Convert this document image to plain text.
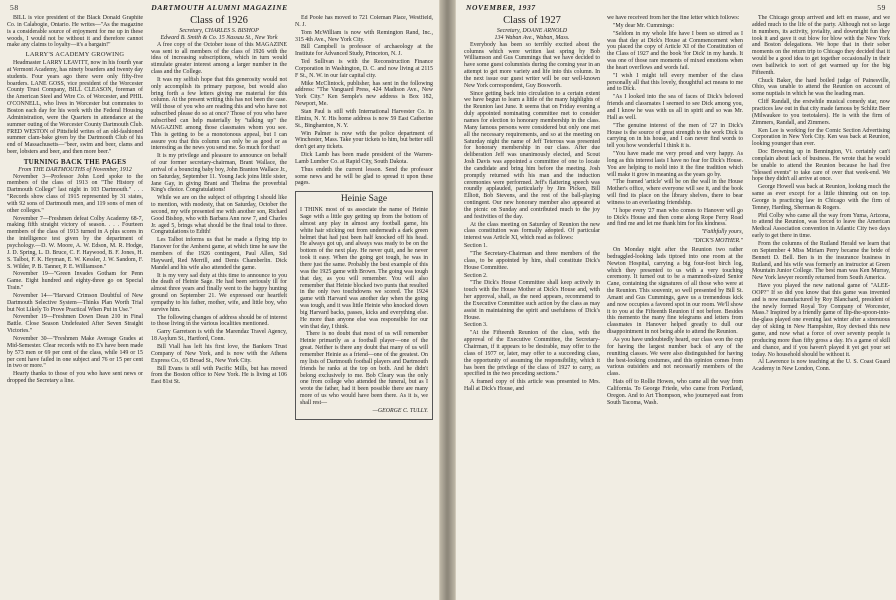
58	DARTMOUTH ALUMNI MAGAZINE

BILL is vice president of the Black Donald Graphite Co. in Calabogie, Ontario. He writes—"As the magazine is a considerable source of enjoyment for me up in these woods, I would not be without it and therefore cannot make any claims to loyalty—it's a bargain!"

LARRY'S ACADEMY GROWING

Headmaster LARRY LEAVITT, now in his fourth year at Vermont Academy, has ninety boarders and twenty day students. Four years ago there were only fifty-five boarders. LANE GOSS, vice president of the Worcester County Trust Company, BILL CLEASON, foreman of the American Steel and Wire Co. of Worcester, and PHIL O'CONNELL, who lives in Worcester but commutes to Boston each day for his work with the Federal Housing Administration, were the Quarters in attendance at the summer outing of the Worcester County Dartmouth Club. FRED WESTON of Pittsfield writes of an old-fashioned summer clam-bake given by the Dartmouth Club of his end of Massachusetts—"beer, swim and beer, clams and beer, lobsters and beer, and then more beer."

TURNING BACK THE PAGES
From THE DARTMOUTHS of November, 1912

November 3—Professor John Lord spoke to the members of the class of 1913 on "The History of Dartmouth College" last night in 103 Dartmouth." . . . "Records show class of 1915 represented by 31 states, with 92 sons of Dartmouth men, and 119 sons of men of other colleges."

November 7—Freshmen defeat Colby Academy 68-7, making fifth straight victory of season. . . . Fourteen members of the class of 1913 turned in A plus scores in the intelligence test given by the department of psychology.—D. W. Moore, A. W. Edson, M. R. Hodge, J. D. Spring, L. D. Bruce, C. F. Haywood, B. F. Jones, H. S. Talbot, F. K. Heyman, E. W. Kessler, J. W. Sandom, F. S. Wilder, P. B. Tanner, P. E. Williamson."

November 19—"Green Invades Gotham for Penn Game. Eight hundred and eighty-three go on Special Train."

November 14—"Harvard Crimson Doubtful of New Dartmouth Selective System—Thinks Plan Worth Trial but Not Likely To Prove Practical When Put in Use."

November 19—Freshmen Down Dean 210 in Final Battle. Close Season Undefeated After Seven Straight Victories."

November 30—"Freshmen Make Average Grades at Mid-Semester. Clear records with no E's have been made by 573 men or 69 per cent of the class, while 149 or 15 per cent have failed in one subject and 76 or 15 per cent in two or more."

Hearty thanks to those of you who have sent news or dropped the Secretary a line.

Class of 1926
Secretary, CHARLES S. BISHOP
Edward B. Smith & Co. 15 Nassau St., New York

A free copy of the October issue of this MAGAZINE was sent to all members of the class of 1926 with the idea of increasing subscriptions, which in turn would stimulate greater interest among a larger number in the class and the College.

It was my selfish hope that this generosity would not only accomplish its primary purpose, but would also bring forth a few letters giving me material for this column. At the present writing this has not been the case. Will those of you who are reading this and who have not subscribed please do so at once? Those of you who have subscribed can help materially by "talking up" the MAGAZINE among those classmates whom you see. This is getting to be a monotonous appeal, but I can assure you that this column can only be as good or as interesting as the news you send me. So much for that!

It is my privilege and pleasure to announce on behalf of our former secretary-chairman, Brant Wallace, the arrival of a bouncing baby boy, John Branton Wallace Jr., on Saturday, September 11. Young Jack joins little sister, Jane Gay, in giving Brant and Thelma the proverbial King's choice. Congratulations!

While we are on the subject of offspring I should like to mention, with modesty, that on Saturday, October the second, my wife presented me with another son, Richard Good Bishop, who with Barbara Ann now 7, and Charles Jr. aged 5, brings what should be the final total to three. Congratulations to Edith!

Les Talbot informs us that he made a flying trip to Hanover for the Amherst game, at which time he saw the members of the 1926 contingent, Paul Allen, Sid Hayward, Red Merrill, and Denis Chamberlin. Dick Mandel and his wife also attended the game.

It is my very sad duty at this time to announce to you the death of Heinie Sage. He had been seriously ill for almost three years and finally went to the happy hunting ground on September 21. We expressed our heartfelt sympathy to his father, mother, wife, and little boy, who survive him.

The following changes of address should be of interest to those living in the various localities mentioned.

Garry Garretson is with the Marendaz Travel Agency, 18 Asylum St., Hartford, Conn.

Bill Viall has left his first love, the Bankers Trust Company of New York, and is now with the Athens Express Co., 65 Broad St., New York City.

Bill Evans is still with Pacific Mills, but has moved from the Boston office to New York. He is living at 106 East 81st St.

Ed Poole has moved to 721 Coleman Place, Westfield, N. J.

Tom McWilliam is now with Remington Rand, Inc., 315 4th Ave., New York City.

Bill Campbell is professor of archaeology at the Institute for Advanced Study, Princeton, N. J.

Ted Sullivan is with the Reconstruction Finance Corporation in Washington, D. C. and now living at 2115 F St., N. W. in our fair capital city.

Mike McClintock, publisher, has sent in the following address: "The Vanguard Press, 424 Madison Ave., New York City." Ken Semple's new address is Box 182, Newport, Me.

Stan Paul is still with International Harvester Co. in Elmira, N. Y. His home address is now 59 East Catherine St., Binghamton, N. Y.

Win Palmer is now with the police department of Winchester, Mass. Take your tickets to him, but better still don't get any tickets.

Dick Lamb has been made president of the Warren-Lamb Lumber Co. at Rapid City, South Dakota.

Thus endeth the current lesson. Send the professor some news and he will be glad to spread it upon these pages.

Heinie Sage

I THINK most of us associate the name of Heinie Sage with a little guy getting up from the bottom of almost any play in almost any football game, his white hair sticking out from underneath a dark green helmet that had just been half knocked off his head. He always got up, and always was ready to be on the bottom of the next play. He never quit, and he never took it easy. When the going got tough, he was in there just the same. Probably the best example of this was the 1925 game with Brown. The going was tough that day, as you will remember. You will also remember that Heinie blocked two punts that resulted in the only two touchdowns we scored. The 1924 game with Harvard was another day when the going was tough, and it was little Heinie who knocked down big Harvard backs, passes, kicks and everything else. He more than anyone else was responsible for our win that day, I think.

There is no doubt that most of us will remember Heinie primarily as a football player—one of the great. Neither is there any doubt that many of us will remember Heinie as a friend—one of the greatest. On my lists of Dartmouth football players and Dartmouth friends he ranks at the top on both. And he didn't belong exclusively to me. Bob Cleary was the only one from college who attended the funeral, but as I wrote the father, had it been possible there are many more of us who would have been there. As it is, we shall rest—

—GEORGE C. TULLY.
NOVEMBER, 1937	59
Class of 1927
Secretary, DOANE ARNOLD
134 Waban Ave., Waban, Mass.

Everybody has been so terribly excited about the columns which were written last spring by Bob Williamson and Gus Cummings that we have decided to have some guest columnists during the coming year in an attempt to get more variety and life into this column. In the next issue our guest writer will be our well-known New York correspondent, Guy Bosworth.

Since getting back into circulation to a certain extent we have begun to learn a little of the many highlights of the Reunion last June. It seems that on Friday evening a duly appointed nominating committee met to consider names for election to honorary membership in the class. Many famous persons were considered but only one met all the necessary requirements, and so at the meeting on Saturday night the name of Jeff Teterous was presented for honorary membership in our class. After due deliberation Jeff was unanimously elected, and Scout Josh Davis was appointed a committee of one to locate the candidate and bring him before the meeting. Josh promptly returned with his man and the induction ceremonies were performed. Jeff's flattering speech was roundly applauded, particularly by Jim Picken, Bill Elliott, Bob Stevens, and the rest of the ball-playing contingent. Our new honorary member also appeared at the picnic on Sunday and contributed much to the joy and festivities of the day.

At the class meeting on Saturday of Reunion the new class constitution was formally adopted. Of particular interest was Article XI, which read as follows:

Section 1.

"The Secretary-Chairman and three members of the class, to be appointed by him, shall constitute Dick's House Committee.

Section 2.

"The Dick's House Committee shall keep actively in touch with the House Mother at Dick's House and, with her approval, shall, as the need appears, recommend to the Executive Committee such action by the class as may assist in maintaining the spirit and usefulness of Dick's House.

Section 3.

"At the Fifteenth Reunion of the class, with the approval of the Executive Committee, the Secretary-Chairman, if it appears to be desirable, may offer to the class of 1977 or, later, may offer to a succeeding class, the opportunity of assuming the responsibility, which it has been the privilege of the class of 1927 to carry, as specified in the two preceding sections."

A framed copy of this article was presented to Mrs. Hall at Dick's House, and

we have received from her the fine letter which follows:

"My dear Mr. Cummings:

"Seldom in my whole life have I been so stirred as I was that day at Dick's House at Commencement when you placed the copy of Article XI of the Constitution of the Class of 1927 and the book 'for Dick' in my hands. It was one of those rare moments of mixed emotions when the heart overflows and words fail.

"I wish I might tell every member of the class personally all that this lovely, thoughtful act means to me and to Dick.

"As I looked into the sea of faces of Dick's beloved friends and classmates I seemed to see Dick among you, and I know he was with us all in spirit and so was Mr. Hall as well.

"The genuine interest of the men of '27 in Dick's House is the source of great strength to the work Dick is carrying on in his house, and I can never find words to tell you how wonderful I think it is.

"You have made me very proud and very happy. As long as this interest lasts I have no fear for Dick's House. You are helping to mold into it the fine tradition which will make it grow in meaning as the years go by.

"The framed 'article' will be on the wall in the House Mother's office, where everyone will see it, and the book will find its place on the library shelves, there to bear witness to an everlasting friendship.

"I hope every '27 man who comes to Hanover will go to Dick's House and then come along Rope Ferry Road and find me and let me thank him for his kindness.

"Faithfully yours,
"DICK'S MOTHER."

On Monday night after the Reunion two rather bedraggled-looking lads tiptoed into one room at the Newton Hospital, carrying a big four-foot birch log, which they presented to us with a very touching ceremony. It turned out to be a mammoth-sized Senior Cane, containing the signatures of all those who were at the Reunion. This souvenir, so well presented by Bill St. Amant and Gus Cummings, gave us a tremendous kick and now occupies a favored spot in our room. We'll show it to you at the Fifteenth Reunion if not before. Besides this memento the many fine telegrams and letters from classmates in Hanover helped greatly to dull our disappointment in not being able to attend the Reunion.

As you have undoubtedly heard, our class won the cup for having the largest number back of any of the reuniting classes. We were also distinguished for having the best-looking costumes, and this opinion comes from various outsiders and not necessarily members of the class.

Hats off to Rollie Howes, who came all the way from California. To George Friede, who came from Portland, Oregon. And to Art Thompson, who journeyed east from South Tacoma, Wash.

The Chicago group arrived and left en masse, and we added much to the life of the party. Although not so large in numbers, its activity, joviality, and downright fun they took it and gave it out blow for blow with the New York and Boston delegations. We hope that in their sober moments on the return trip to Chicago they decided that it would be a good idea to get together occasionally in their own bailiwick to sort of get warmed up for the big Fifteenth.

Chuck Baker, the hard boiled judge of Painesville, Ohio, was unable to attend the Reunion on account of some nuptials in which he was the leading man.

Cliff Randall, the erstwhile musical comedy star, now practices law out in that city made famous by Schlitz Beer (Milwaukee to you teetotalers). He is with the firm of Zimmers, Randall, and Zimmers.

Ken Lee is working for the Comic Section Advertising Corporation in New York City. Ken was back at Reunion, looking younger than ever.

Doc Browning up in Bennington, Vt. certainly can't complain about lack of business. He wrote that he would be unable to attend the Reunion because he had five "blessed events" to take care of over that week-end. We hope they didn't all arrive at once.

George Howell was back at Reunion, looking much the same as ever except for a little thinning out on top. George is practicing law in Chicago with the firm of Tenney, Harding, Sherman & Rogers.

Phil Colby who came all the way from Yuma, Arizona, to attend the Reunion, was forced to leave the American Medical Association convention in Atlantic City two days early to get there in time.

From the columns of the Rutland Herald we learn that on September 4 Miss Miriam Perry became the bride of Bennett D. Bell. Ben is in the insurance business in Rutland, and his wife was formerly an instructor at Green Mountain Junior College. The best man was Ken Murray, New York lawyer recently returned from South America.

Have you played the new national game of "ALEE-OOP?" If so did you know that this game was invented and is now manufactured by Roy Blanchard, president of the newly formed Royal Toy Company of Worcester, Mass.? Inspired by a friendly game of flip-the-spoon-into-the-glass played one evening last winter after a strenuous day of skiing in New Hampshire, Roy devised this new game, and now what a force of over seventy people is producing more than fifty gross a day. It's a game of skill and chance, and if you haven't played it yet get your set today. No household should be without it.

Al Lawrence is now teaching at the U. S. Coast Guard Academy in New London, Conn.
